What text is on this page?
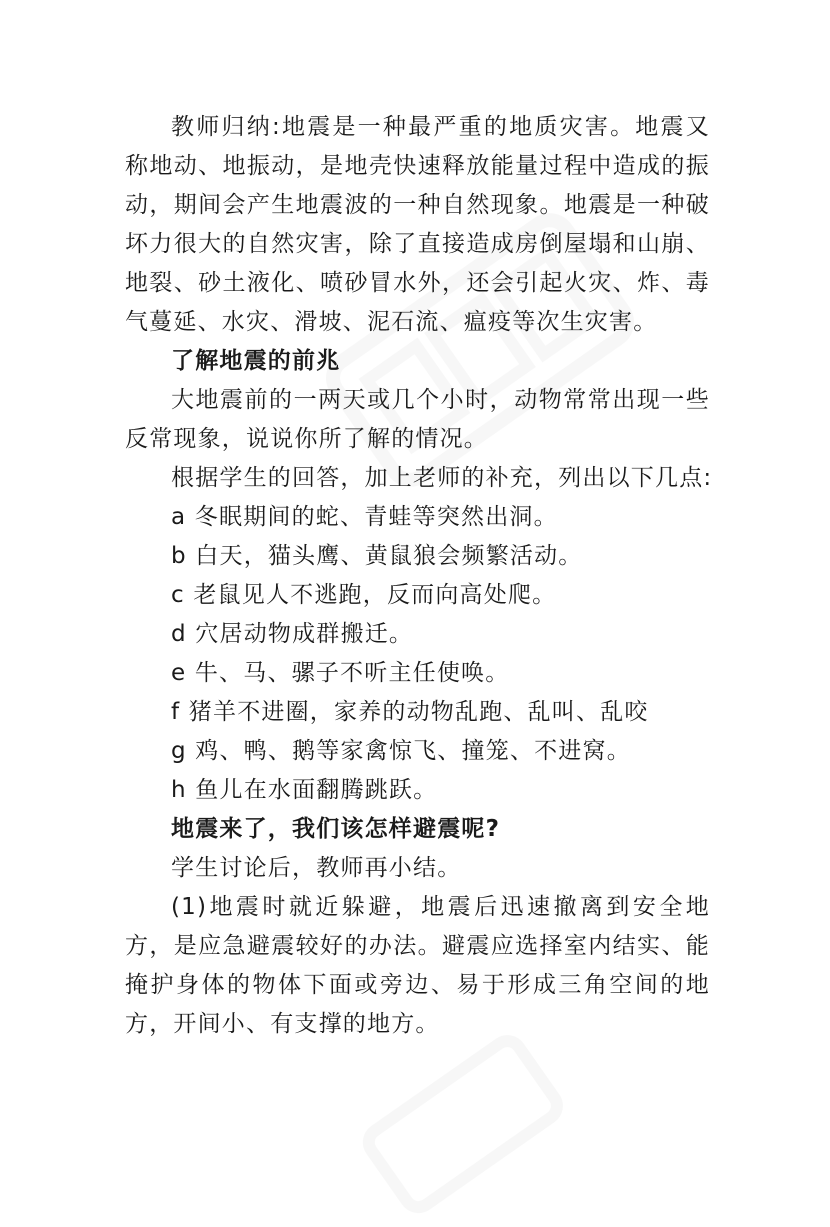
教师归纳:地震是一种最严重的地质灾害。地震又称地动、地振动，是地壳快速释放能量过程中造成的振动，期间会产生地震波的一种自然现象。地震是一种破坏力很大的自然灾害，除了直接造成房倒屋塌和山崩、地裂、砂土液化、喷砂冒水外，还会引起火灾、炸、毒气蔓延、水灾、滑坡、泥石流、瘟疫等次生灾害。

了解地震的前兆

大地震前的一两天或几个小时，动物常常出现一些反常现象，说说你所了解的情况。

根据学生的回答，加上老师的补充，列出以下几点:

a 冬眠期间的蛇、青蛙等突然出洞。

b 白天，猫头鹰、黄鼠狼会频繁活动。

c 老鼠见人不逃跑，反而向高处爬。

d 穴居动物成群搬迁。

e 牛、马、骡子不听主任使唤。

f 猪羊不进圈，家养的动物乱跑、乱叫、乱咬

g 鸡、鸭、鹅等家禽惊飞、撞笼、不进窝。

h 鱼儿在水面翻腾跳跃。

地震来了，我们该怎样避震呢?

学生讨论后，教师再小结。

(1)地震时就近躲避，地震后迅速撤离到安全地方，是应急避震较好的办法。避震应选择室内结实、能掩护身体的物体下面或旁边、易于形成三角空间的地方，开间小、有支撑的地方。
